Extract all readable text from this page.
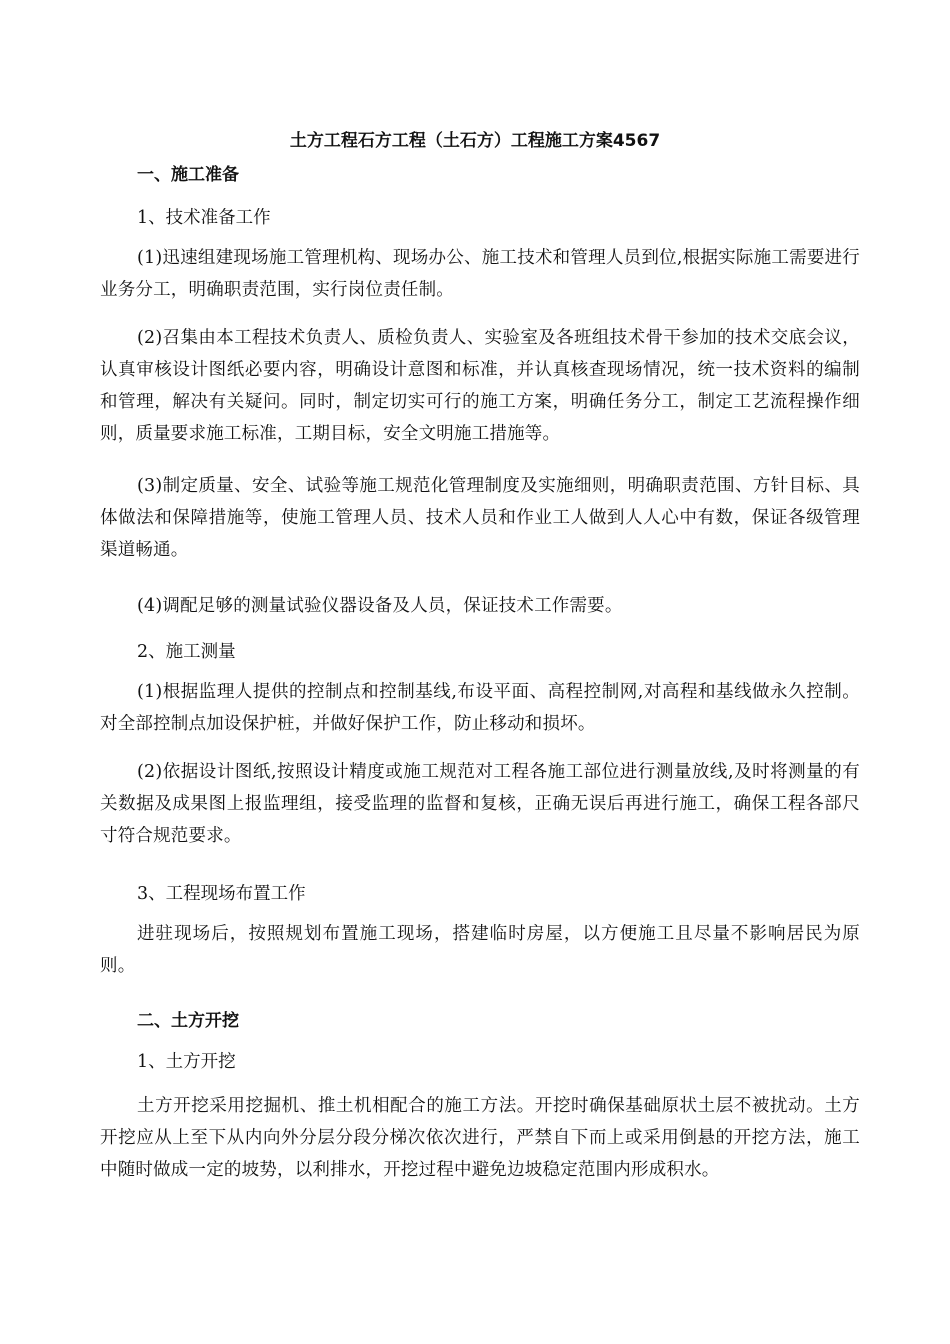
土方工程石方工程（土石方）工程施工方案4567
一、施工准备
1、技术准备工作
(1)迅速组建现场施工管理机构、现场办公、施工技术和管理人员到位,根据实际施工需要进行业务分工，明确职责范围，实行岗位责任制。
(2)召集由本工程技术负责人、质检负责人、实验室及各班组技术骨干参加的技术交底会议，认真审核设计图纸必要内容，明确设计意图和标准，并认真核查现场情况，统一技术资料的编制和管理，解决有关疑问。同时，制定切实可行的施工方案，明确任务分工，制定工艺流程操作细则，质量要求施工标准，工期目标，安全文明施工措施等。
(3)制定质量、安全、试验等施工规范化管理制度及实施细则，明确职责范围、方针目标、具体做法和保障措施等，使施工管理人员、技术人员和作业工人做到人人心中有数，保证各级管理渠道畅通。
(4)调配足够的测量试验仪器设备及人员，保证技术工作需要。
2、施工测量
(1)根据监理人提供的控制点和控制基线,布设平面、高程控制网,对高程和基线做永久控制。对全部控制点加设保护桩，并做好保护工作，防止移动和损坏。
(2)依据设计图纸,按照设计精度或施工规范对工程各施工部位进行测量放线,及时将测量的有关数据及成果图上报监理组，接受监理的监督和复核，正确无误后再进行施工，确保工程各部尺寸符合规范要求。
3、工程现场布置工作
进驻现场后，按照规划布置施工现场，搭建临时房屋，以方便施工且尽量不影响居民为原则。
二、土方开挖
1、土方开挖
土方开挖采用挖掘机、推土机相配合的施工方法。开挖时确保基础原状土层不被扰动。土方开挖应从上至下从内向外分层分段分梯次依次进行，严禁自下而上或采用倒悬的开挖方法，施工中随时做成一定的坡势，以利排水，开挖过程中避免边坡稳定范围内形成积水。
